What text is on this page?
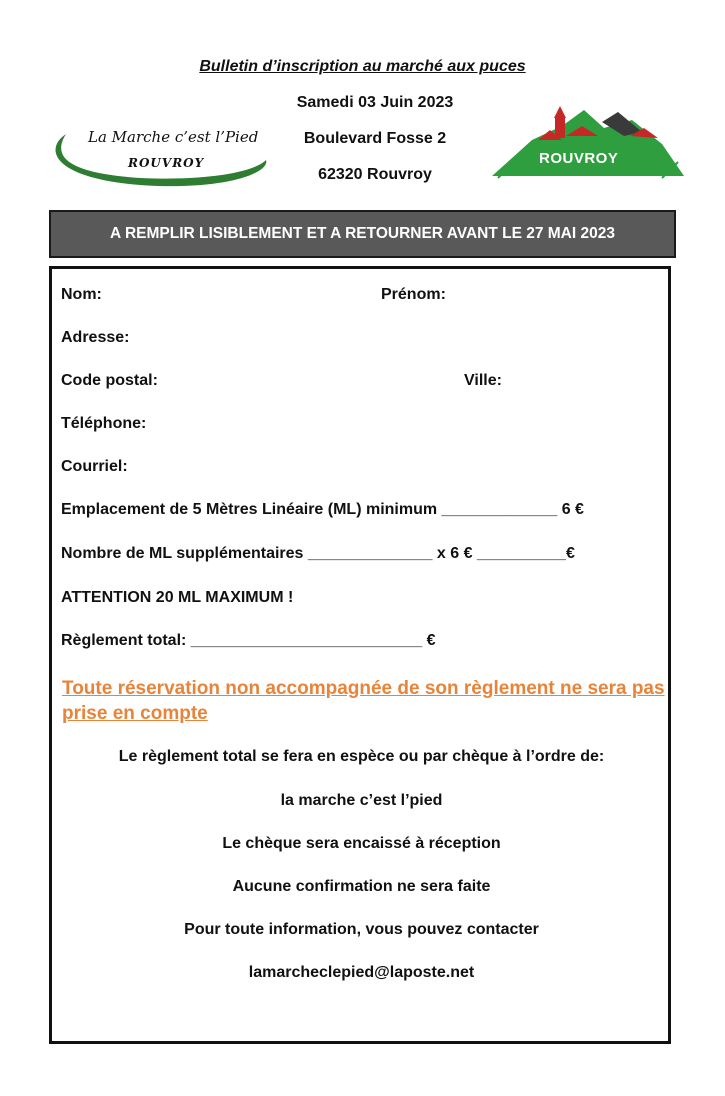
Bulletin d’inscription au marché aux puces
Samedi 03 Juin 2023
Boulevard Fosse 2
62320 Rouvroy
La Marche c’est l’Pied
ROUVROY	ROUVROY
A REMPLIR LISIBLEMENT ET A RETOURNER AVANT LE 27 MAI 2023
Nom:	Prénom:
Adresse:
Code postal:	Ville:
Téléphone:
Courriel:
Emplacement de 5 Mètres Linéaire (ML) minimum _____________ 6 €
Nombre de ML supplémentaires ______________ x 6 € __________€
ATTENTION 20 ML MAXIMUM !
Règlement total: __________________________ €
Toute réservation non accompagnée de son règlement ne sera pas prise en compte
Le règlement total se fera en espèce ou par chèque à l’ordre de:
la marche c’est l’pied
Le chèque sera encaissé à réception
Aucune confirmation ne sera faite
Pour toute information, vous pouvez contacter
lamarcheclepied@laposte.net
